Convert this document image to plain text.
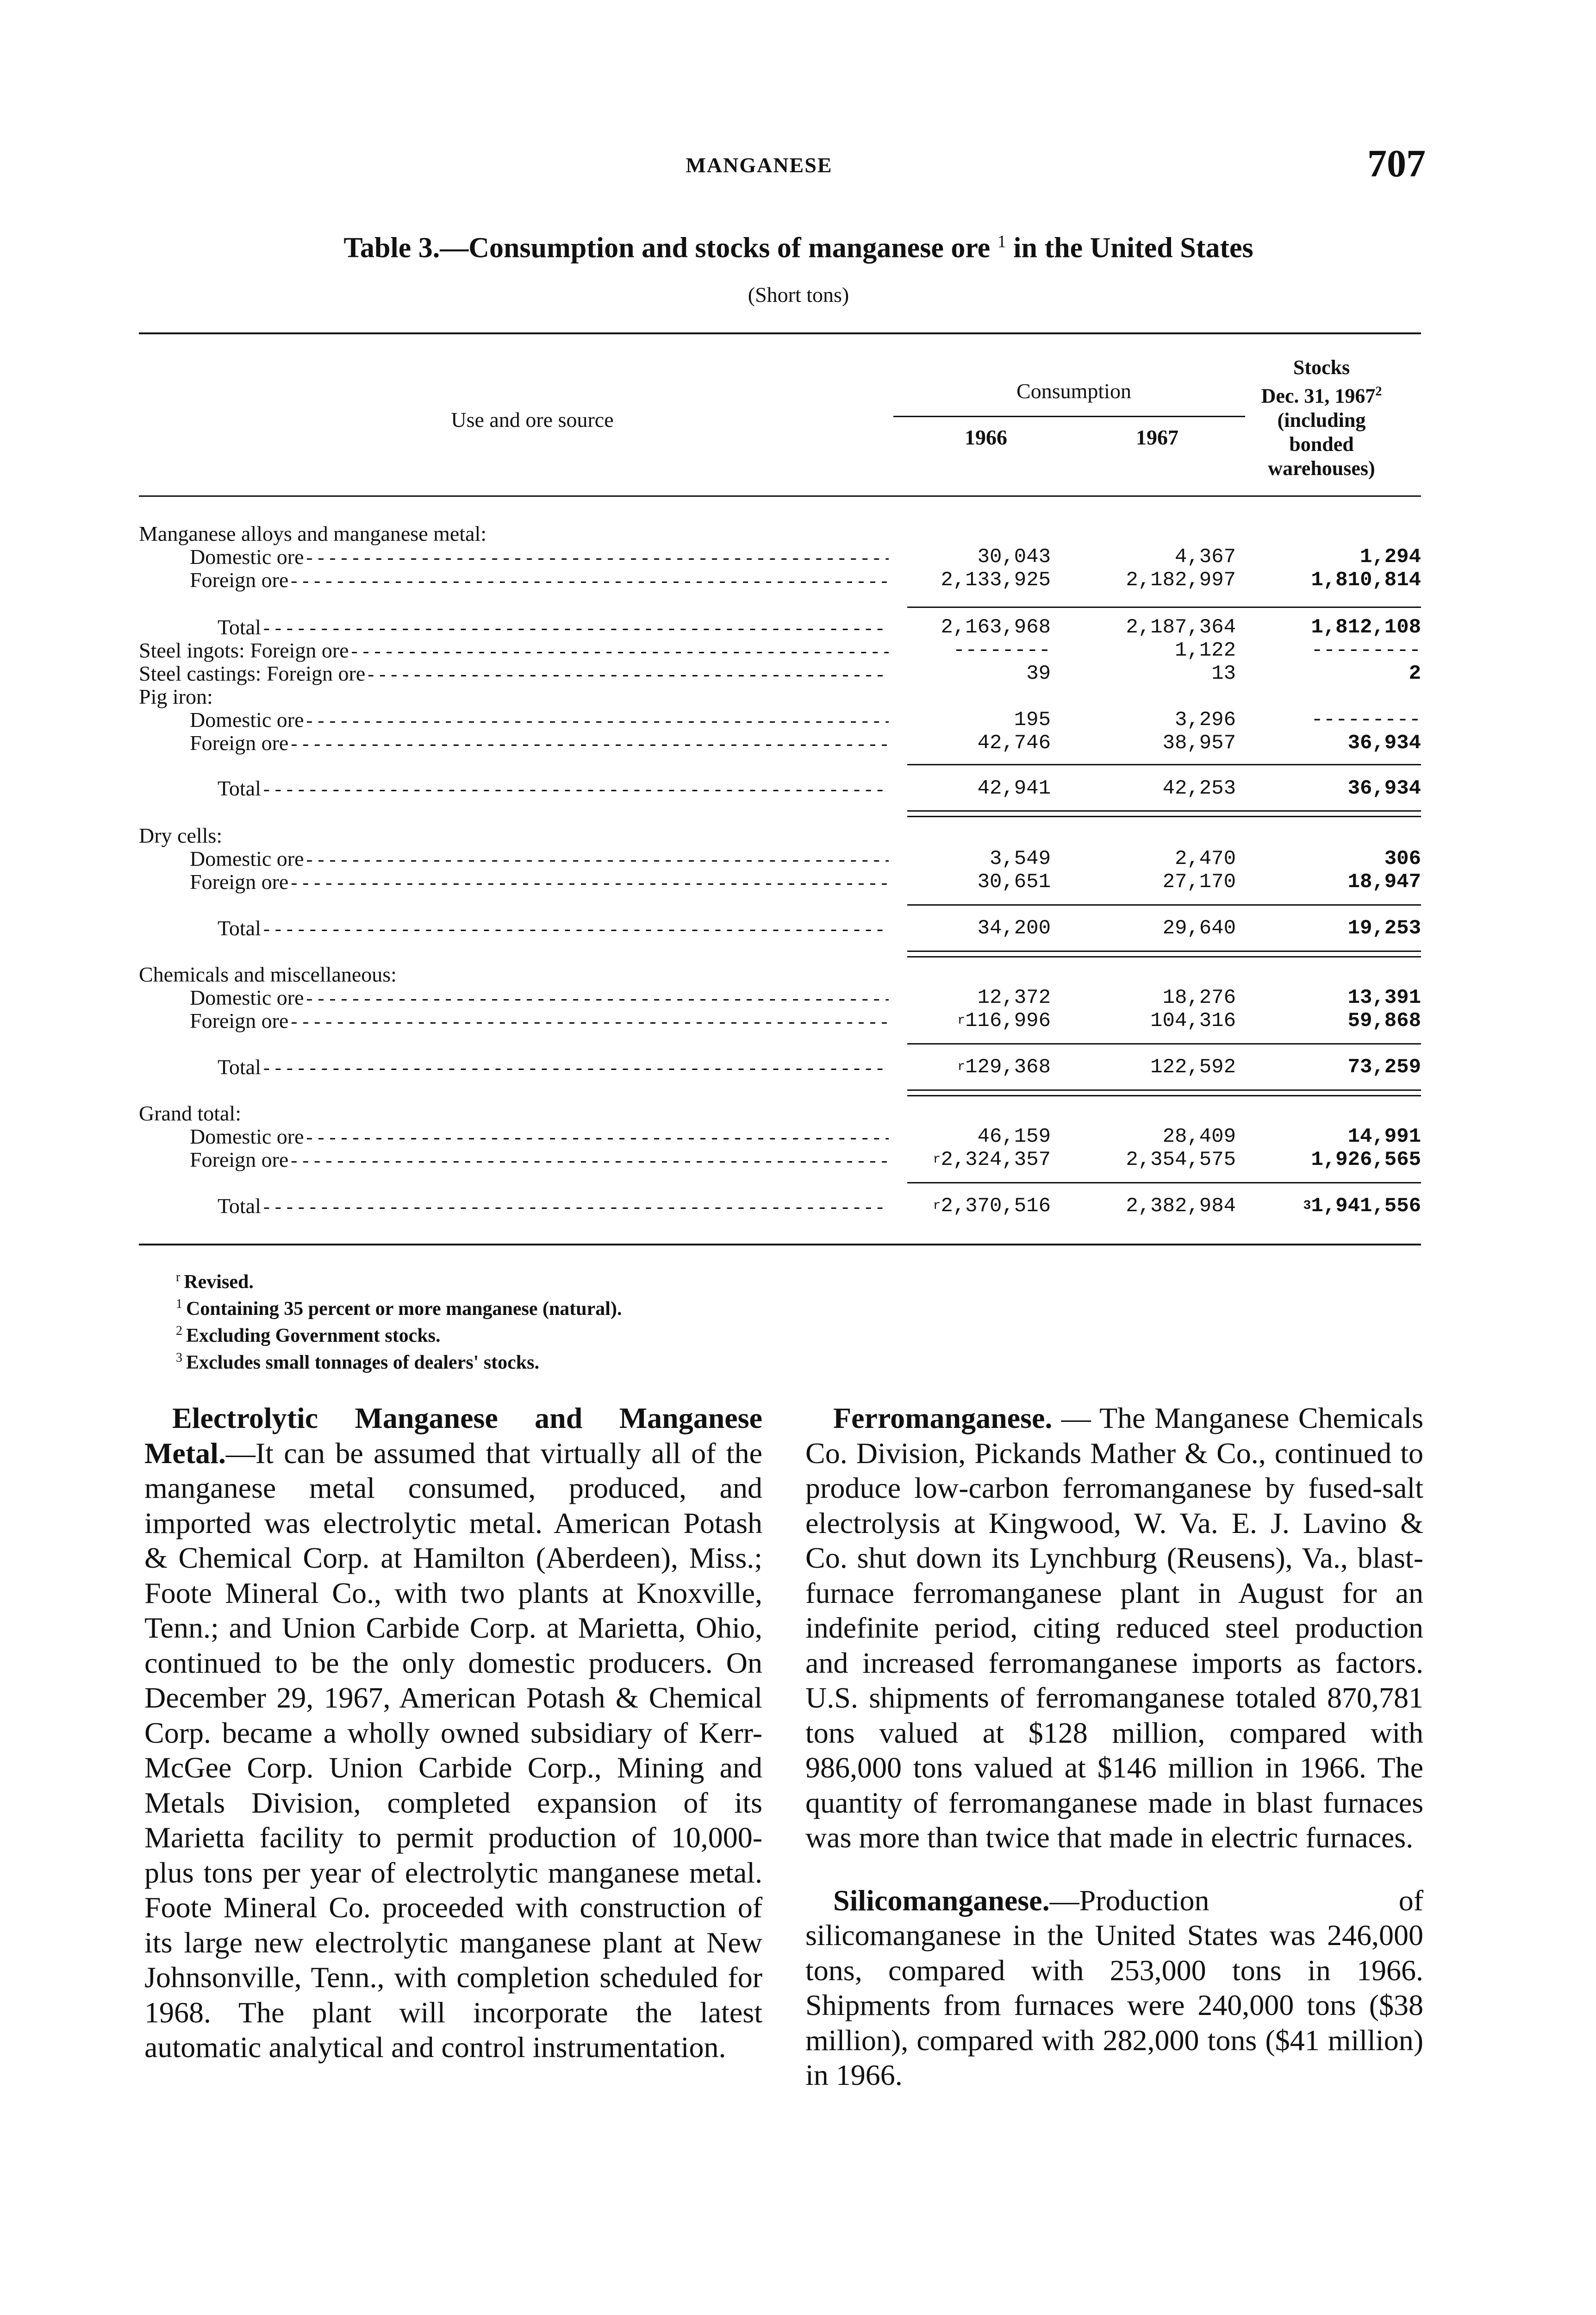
MANGANESE	707
Table 3.—Consumption and stocks of manganese ore $^1$ in the United States
(Short tons)
Use and ore source
Consumption
1966	1967
Stocks
Dec. 31, 1967$^2$
(including
bonded
warehouses)
Manganese alloys and manganese metal:
Domestic ore -----	30,043	4,367	1,294
Foreign ore -----	2,133,925	2,182,997	1,810,814
Total -----	2,163,968	2,187,364	1,812,108
Steel ingots: Foreign ore -----	--------	1,122	---------
Steel castings: Foreign ore -----	39	13	2
Pig iron:
Domestic ore -----	195	3,296	---------
Foreign ore -----	42,746	38,957	36,934
Total -----	42,941	42,253	36,934
Dry cells:
Domestic ore -----	3,549	2,470	306
Foreign ore -----	30,651	27,170	18,947
Total -----	34,200	29,640	19,253
Chemicals and miscellaneous:
Domestic ore -----	12,372	18,276	13,391
Foreign ore -----	$^r$116,996	104,316	59,868
Total -----	$^r$129,368	122,592	73,259
Grand total:
Domestic ore -----	46,159	28,409	14,991
Foreign ore -----	$^r$2,324,357	2,354,575	1,926,565
Total -----	$^r$2,370,516	2,382,984	$^3$1,941,556
$^r$ Revised.
$^1$ Containing 35 percent or more manganese (natural).
$^2$ Excluding Government stocks.
$^3$ Excludes small tonnages of dealers' stocks.

Electrolytic Manganese and Manganese Metal.—It can be assumed that virtually all of the manganese metal consumed, produced, and imported was electrolytic metal. American Potash & Chemical Corp. at Hamilton (Aberdeen), Miss.; Foote Mineral Co., with two plants at Knoxville, Tenn.; and Union Carbide Corp. at Marietta, Ohio, continued to be the only domestic producers. On December 29, 1967, American Potash & Chemical Corp. became a wholly owned subsidiary of Kerr-McGee Corp. Union Carbide Corp., Mining and Metals Division, completed expansion of its Marietta facility to permit production of 10,000-plus tons per year of electrolytic manganese metal. Foote Mineral Co. proceeded with construction of its large new electrolytic manganese plant at New Johnsonville, Tenn., with completion scheduled for 1968. The plant will incorporate the latest automatic analytical and control instrumentation.

Ferromanganese. — The Manganese Chemicals Co. Division, Pickands Mather & Co., continued to produce low-carbon ferromanganese by fused-salt electrolysis at Kingwood, W. Va. E. J. Lavino & Co. shut down its Lynchburg (Reusens), Va., blast-furnace ferromanganese plant in August for an indefinite period, citing reduced steel production and increased ferromanganese imports as factors. U.S. shipments of ferromanganese totaled 870,781 tons valued at $128 million, compared with 986,000 tons valued at $146 million in 1966. The quantity of ferromanganese made in blast furnaces was more than twice that made in electric furnaces.

Silicomanganese.—Production of silicomanganese in the United States was 246,000 tons, compared with 253,000 tons in 1966. Shipments from furnaces were 240,000 tons ($38 million), compared with 282,000 tons ($41 million) in 1966.
